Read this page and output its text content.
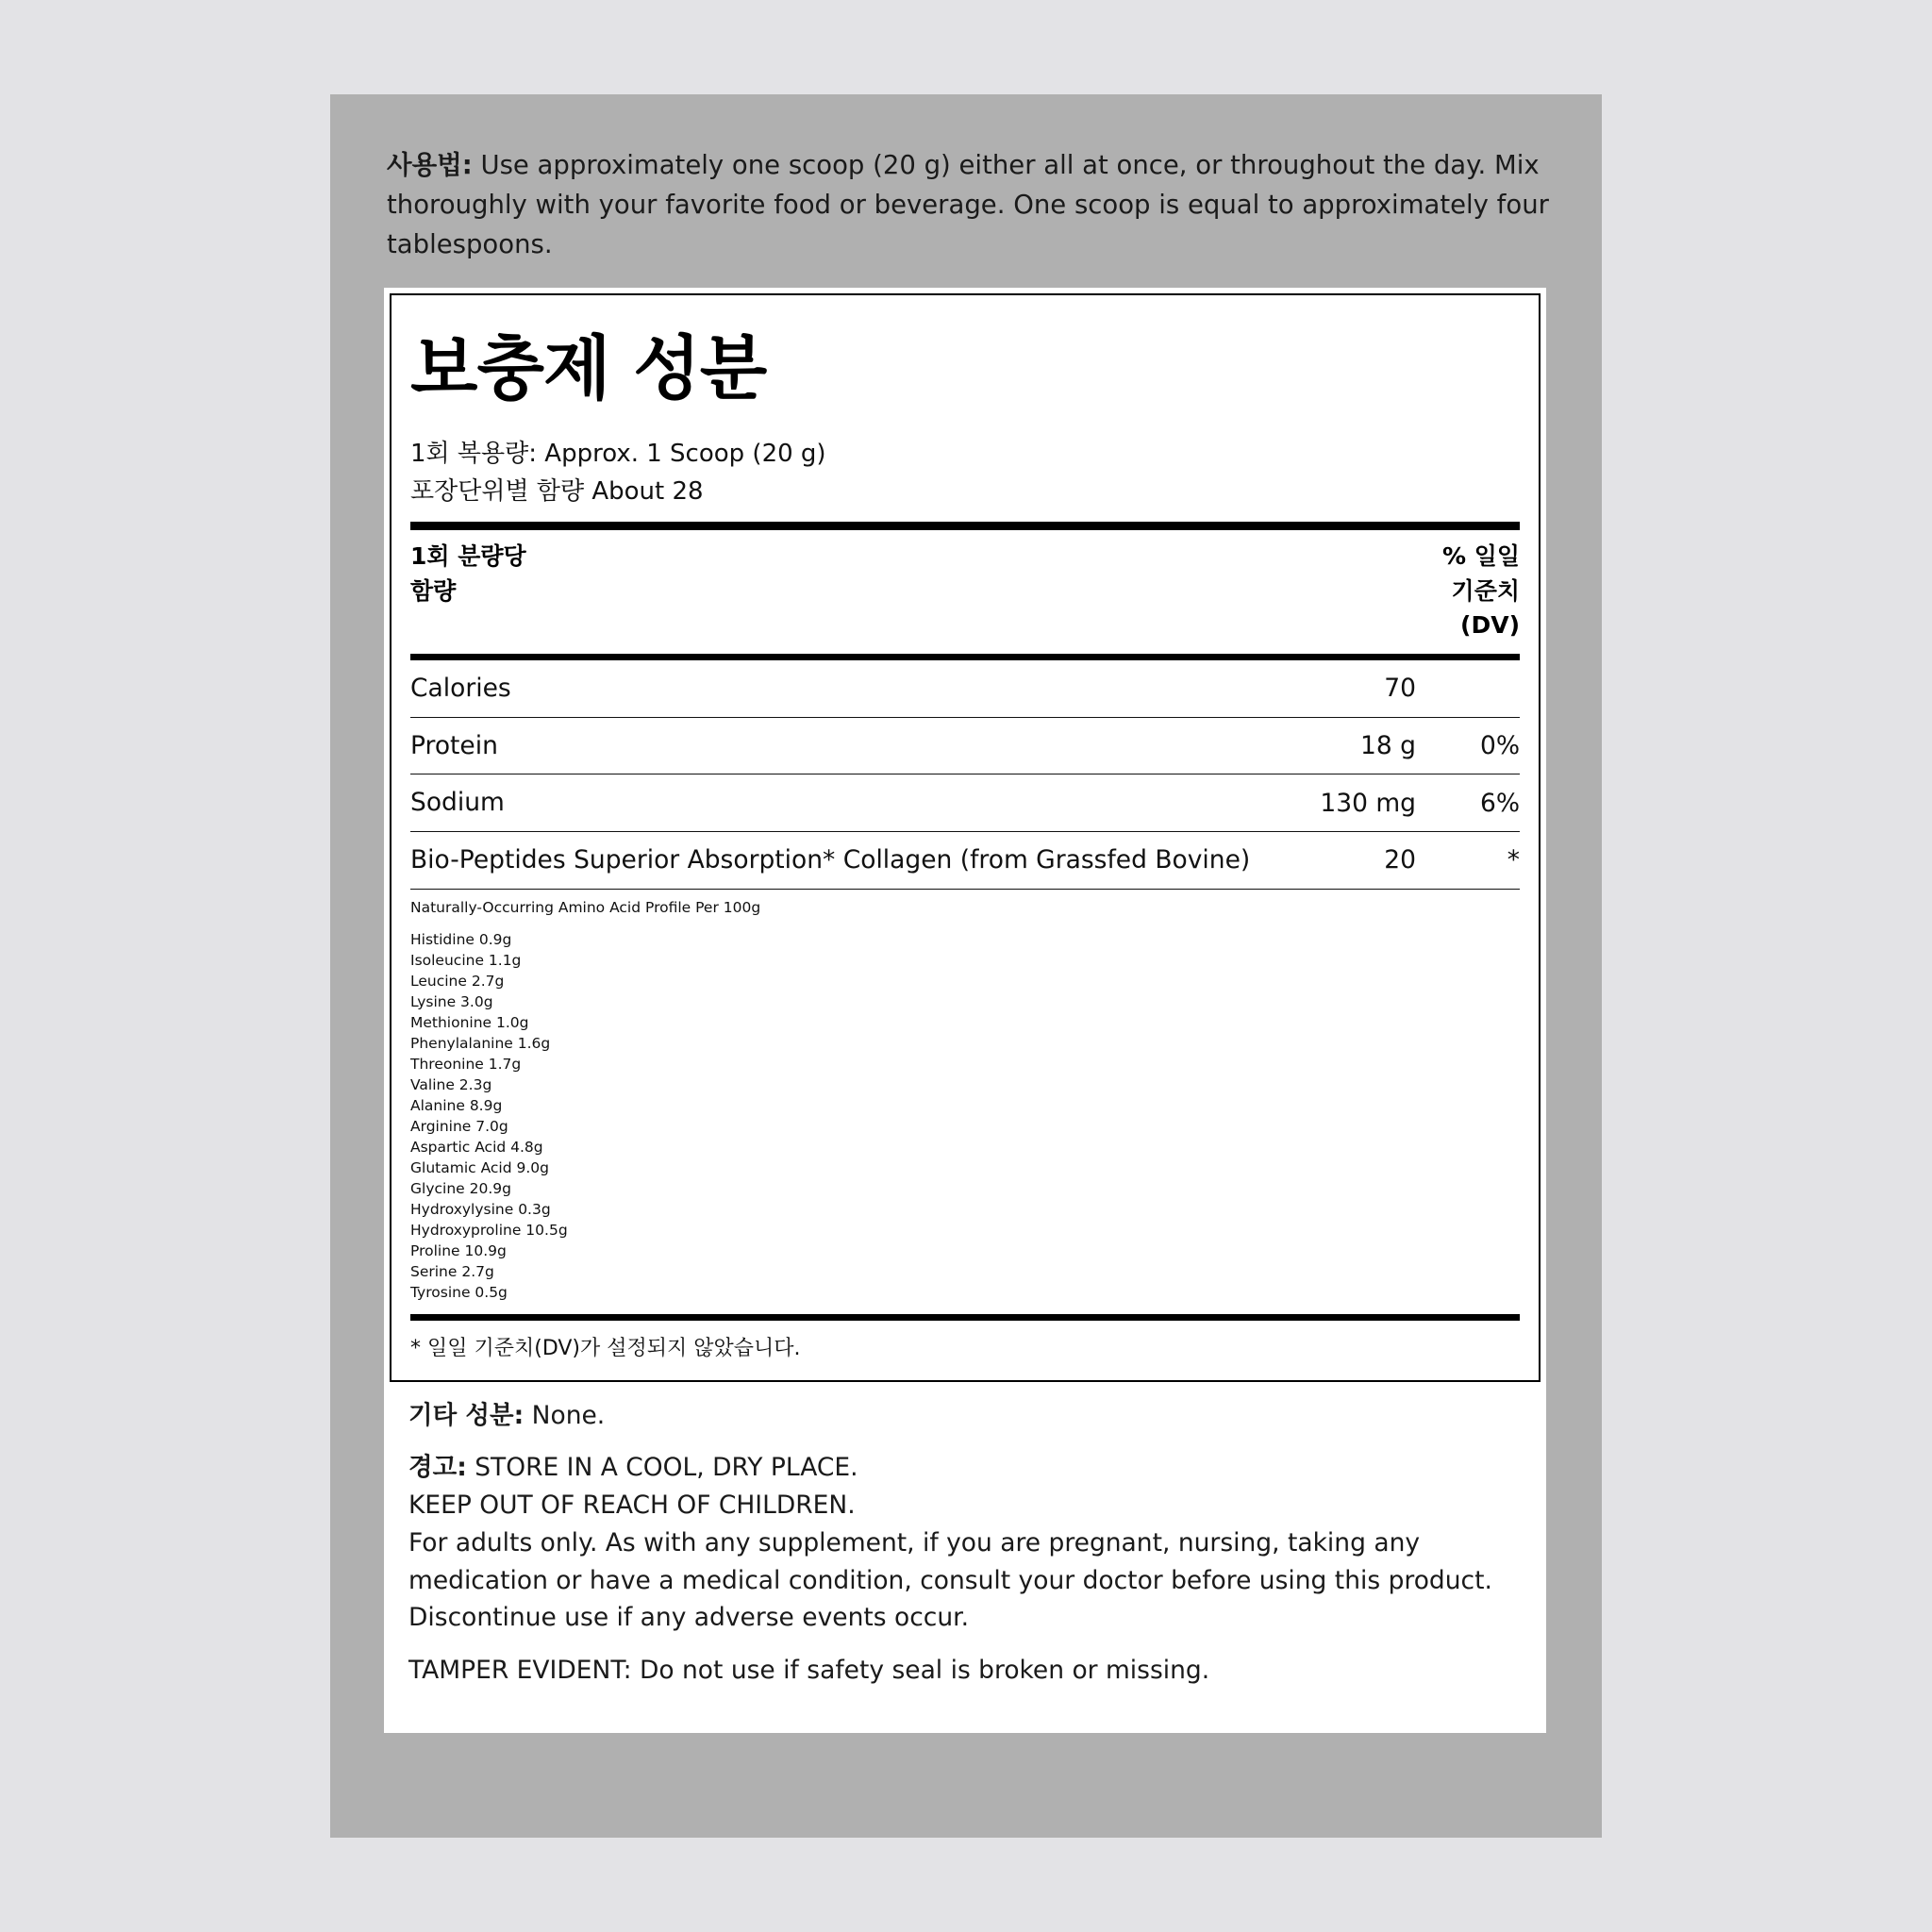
사용법: Use approximately one scoop (20 g) either all at once, or throughout the day. Mix thoroughly with your favorite food or beverage. One scoop is equal to approximately four tablespoons.
보충제 성분
1회 복용량: Approx. 1 Scoop (20 g)
포장단위별 함량 About 28
1회 분량당
함량
% 일일
기준치
(DV)
Calories	70
Protein	18 g	0%
Sodium	130 mg	6%
Bio-Peptides Superior Absorption* Collagen (from Grassfed Bovine)	20	*
Naturally-Occurring Amino Acid Profile Per 100g
Histidine 0.9g
Isoleucine 1.1g
Leucine 2.7g
Lysine 3.0g
Methionine 1.0g
Phenylalanine 1.6g
Threonine 1.7g
Valine 2.3g
Alanine 8.9g
Arginine 7.0g
Aspartic Acid 4.8g
Glutamic Acid 9.0g
Glycine 20.9g
Hydroxylysine 0.3g
Hydroxyproline 10.5g
Proline 10.9g
Serine 2.7g
Tyrosine 0.5g
* 일일 기준치(DV)가 설정되지 않았습니다.

기타 성분: None.

경고: STORE IN A COOL, DRY PLACE.
KEEP OUT OF REACH OF CHILDREN.
For adults only. As with any supplement, if you are pregnant, nursing, taking any medication or have a medical condition, consult your doctor before using this product. Discontinue use if any adverse events occur.

TAMPER EVIDENT: Do not use if safety seal is broken or missing.
